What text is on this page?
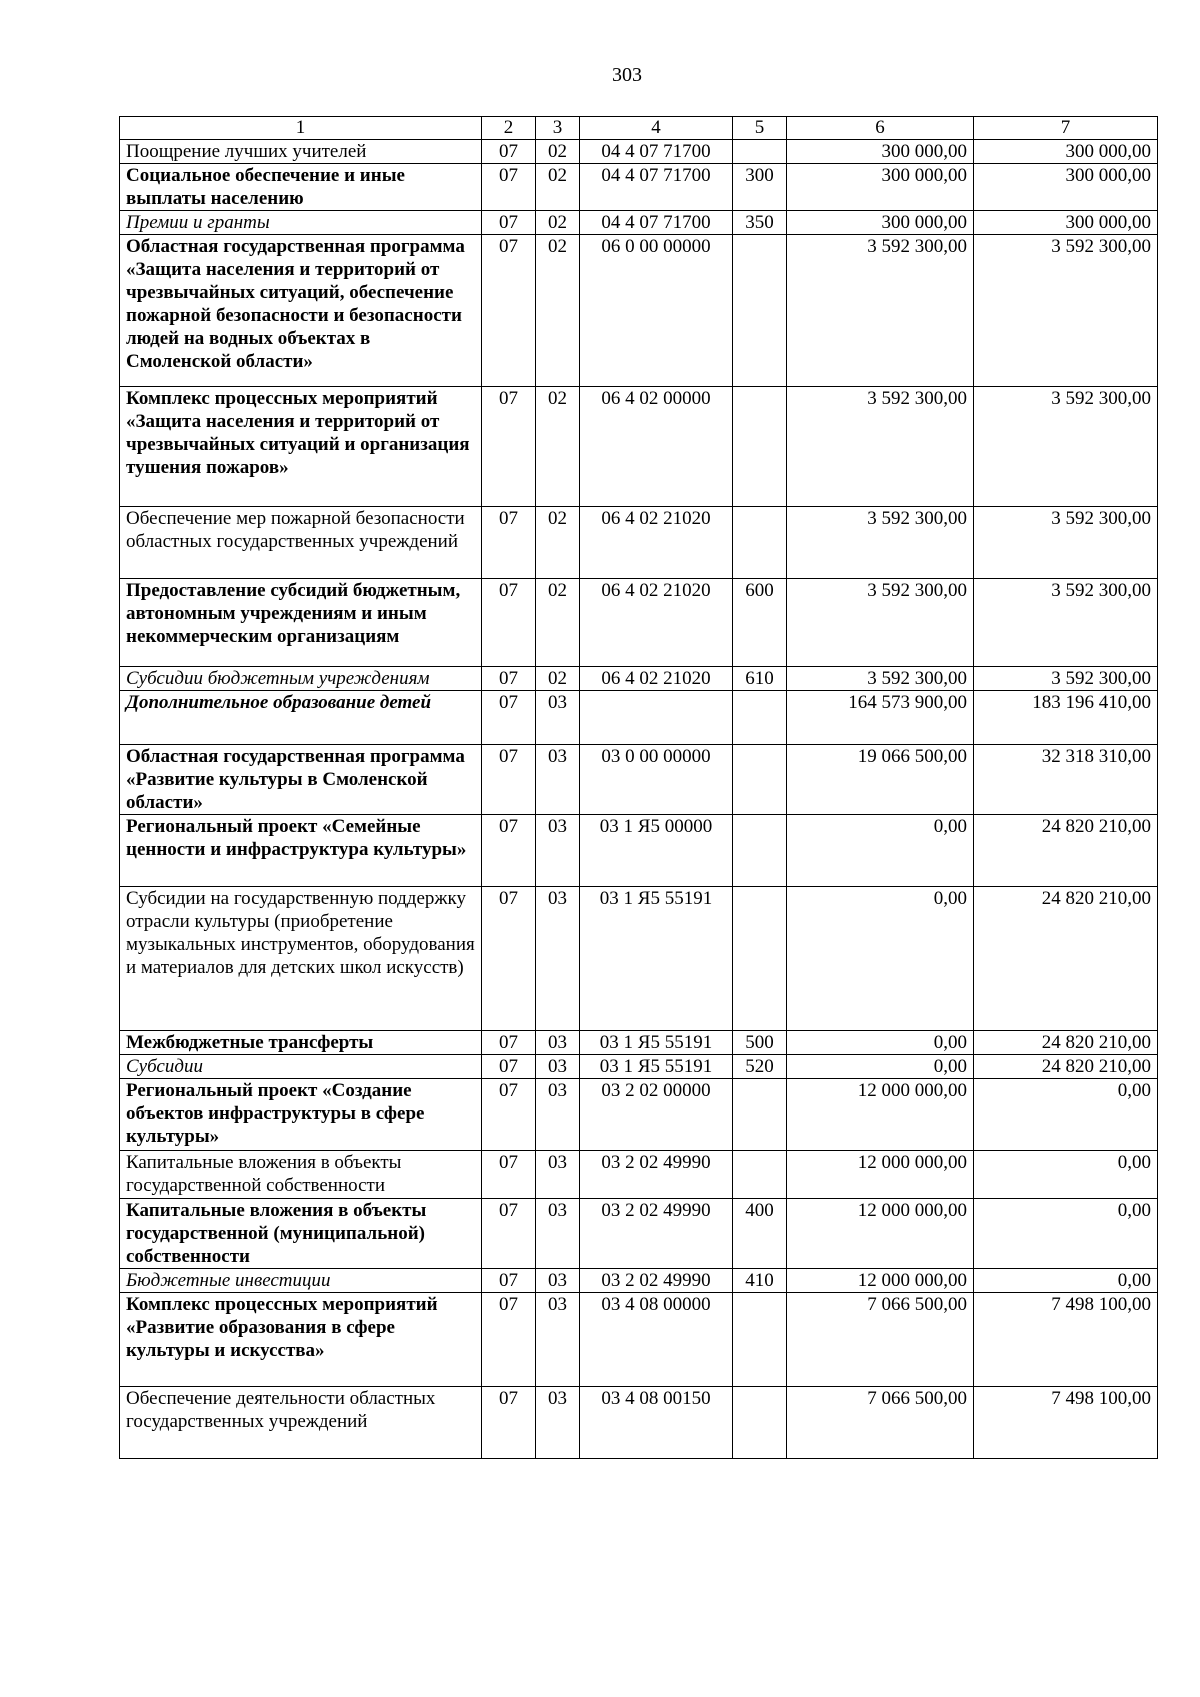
303
1	2	3	4	5	6	7
Поощрение лучших учителей	07	02	04 4 07 71700		300 000,00	300 000,00
Социальное обеспечение и иные выплаты населению	07	02	04 4 07 71700	300	300 000,00	300 000,00
Премии и гранты	07	02	04 4 07 71700	350	300 000,00	300 000,00
Областная государственная программа «Защита населения и территорий от чрезвычайных ситуаций, обеспечение пожарной безопасности и безопасности людей на водных объектах в Смоленской области»	07	02	06 0 00 00000		3 592 300,00	3 592 300,00
Комплекс процессных мероприятий «Защита населения и территорий от чрезвычайных ситуаций и организация тушения пожаров»	07	02	06 4 02 00000		3 592 300,00	3 592 300,00
Обеспечение мер пожарной безопасности областных государственных учреждений	07	02	06 4 02 21020		3 592 300,00	3 592 300,00
Предоставление субсидий бюджетным, автономным учреждениям и иным некоммерческим организациям	07	02	06 4 02 21020	600	3 592 300,00	3 592 300,00
Субсидии бюджетным учреждениям	07	02	06 4 02 21020	610	3 592 300,00	3 592 300,00
Дополнительное образование детей	07	03			164 573 900,00	183 196 410,00
Областная государственная программа «Развитие культуры в Смоленской области»	07	03	03 0 00 00000		19 066 500,00	32 318 310,00
Региональный проект «Семейные ценности и инфраструктура культуры»	07	03	03 1 Я5 00000		0,00	24 820 210,00
Субсидии на государственную поддержку отрасли культуры (приобретение музыкальных инструментов, оборудования и материалов для детских школ искусств)	07	03	03 1 Я5 55191		0,00	24 820 210,00
Межбюджетные трансферты	07	03	03 1 Я5 55191	500	0,00	24 820 210,00
Субсидии	07	03	03 1 Я5 55191	520	0,00	24 820 210,00
Региональный проект «Создание объектов инфраструктуры в сфере культуры»	07	03	03 2 02 00000		12 000 000,00	0,00
Капитальные вложения в объекты государственной собственности	07	03	03 2 02 49990		12 000 000,00	0,00
Капитальные вложения в объекты государственной (муниципальной) собственности	07	03	03 2 02 49990	400	12 000 000,00	0,00
Бюджетные инвестиции	07	03	03 2 02 49990	410	12 000 000,00	0,00
Комплекс процессных мероприятий «Развитие образования в сфере культуры и искусства»	07	03	03 4 08 00000		7 066 500,00	7 498 100,00
Обеспечение деятельности областных государственных учреждений	07	03	03 4 08 00150		7 066 500,00	7 498 100,00
